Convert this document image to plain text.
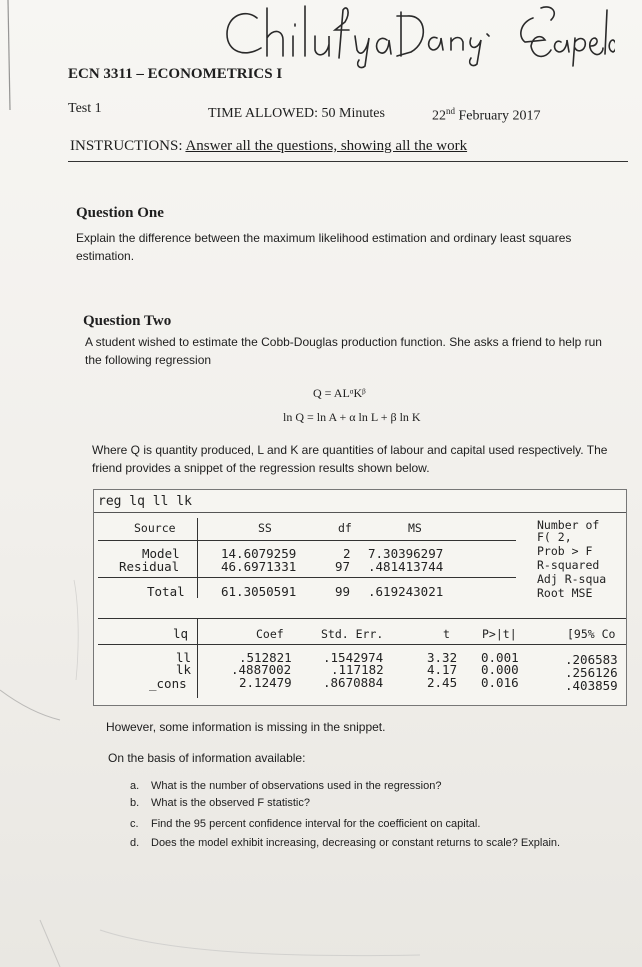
ECN 3311 – ECONOMETRICS I
Test 1	TIME ALLOWED: 50 Minutes	22nd February 2017
INSTRUCTIONS: Answer all the questions, showing all the work
Question One
Explain the difference between the maximum likelihood estimation and ordinary least squares estimation.
Question Two
A student wished to estimate the Cobb-Douglas production function. She asks a friend to help run the following regression
Q = ALᵅKᵝ
ln Q = ln A + α ln L + β ln K
Where Q is quantity produced, L and K are quantities of labour and capital used respectively. The friend provides a snippet of the regression results shown below.
reg lq ll lk
Source	SS	df	MS
Model	14.6079259	2 7.30396297
Residual	46.6971331	97 .481413744
Total	61.3050591	99 .619243021
Number of
F( 2,
Prob > F
R-squared
Adj R-squa
Root MSE
lq	Coef	Std. Err.	t	P>|t|	[95% Co
ll	.512821	.1542974	3.32 0.001	.206583
lk	.4887002	.117182	4.17 0.000	.256126
_cons	2.12479	.8670884	2.45 0.016	.403859
However, some information is missing in the snippet.
On the basis of information available:
a. What is the number of observations used in the regression?
b. What is the observed F statistic?
c. Find the 95 percent confidence interval for the coefficient on capital.
d. Does the model exhibit increasing, decreasing or constant returns to scale? Explain.
